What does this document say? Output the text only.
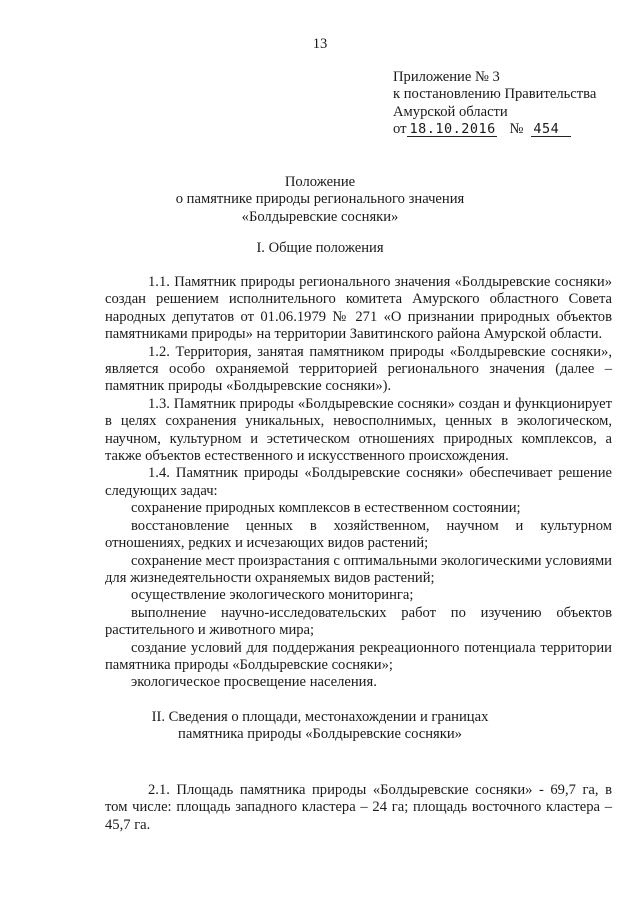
13
Приложение № 3
к постановлению Правительства
Амурской области
от 18.10.2016 № 454
Положение
о памятнике природы регионального значения
«Болдыревские сосняки»
I. Общие положения

1.1. Памятник природы регионального значения «Болдыревские сосняки» создан решением исполнительного комитета Амурского областного Совета народных депутатов от 01.06.1979 № 271 «О признании природных объектов памятниками природы» на территории Завитинского района Амурской области.

1.2. Территория, занятая памятником природы «Болдыревские сосняки», является особо охраняемой территорией регионального значения (далее – памятник природы «Болдыревские сосняки»).

1.3. Памятник природы «Болдыревские сосняки» создан и функционирует в целях сохранения уникальных, невосполнимых, ценных в экологическом, научном, культурном и эстетическом отношениях природных комплексов, а также объектов естественного и искусственного происхождения.

1.4. Памятник природы «Болдыревские сосняки» обеспечивает решение следующих задач:

сохранение природных комплексов в естественном состоянии;

восстановление ценных в хозяйственном, научном и культурном отношениях, редких и исчезающих видов растений;

сохранение мест произрастания с оптимальными экологическими условиями для жизнедеятельности охраняемых видов растений;

осуществление экологического мониторинга;

выполнение научно-исследовательских работ по изучению объектов растительного и животного мира;

создание условий для поддержания рекреационного потенциала территории памятника природы «Болдыревские сосняки»;

экологическое просвещение населения.

II. Сведения о площади, местонахождении и границах
памятника природы «Болдыревские сосняки»

2.1. Площадь памятника природы «Болдыревские сосняки» - 69,7 га, в том числе: площадь западного кластера – 24 га; площадь восточного кластера – 45,7 га.
